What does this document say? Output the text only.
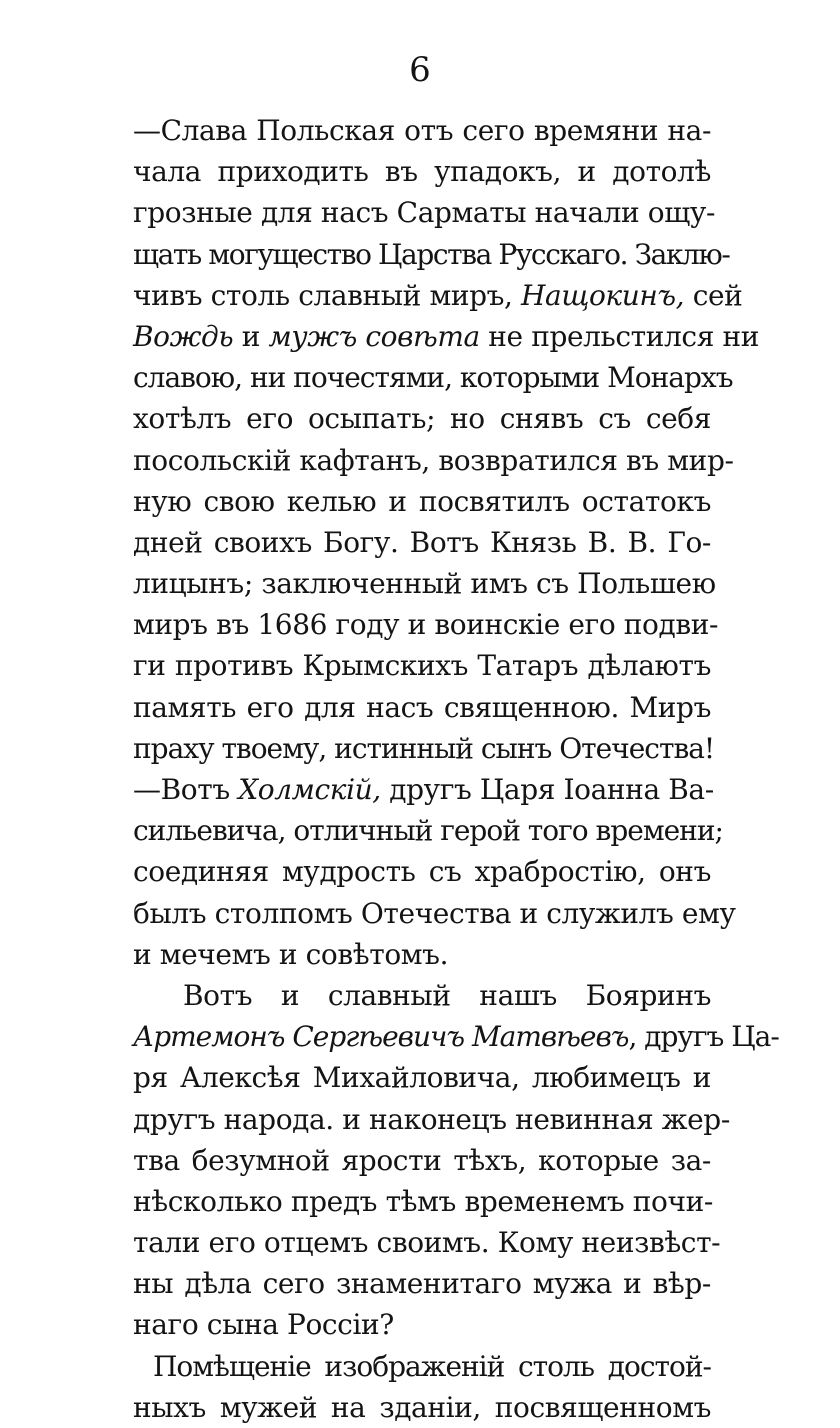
6
—Слава Польская отъ сего времяни на-
чала приходить въ упадокъ, и дотолѣ
грозные для насъ Сарматы начали ощу-
щать могущество Царства Русскаго. Заклю-
чивъ столь славный миръ, Нащокинъ, сей
Вождь и мужъ совѣта не прельстился ни
славою, ни почестями, которыми Монархъ
хотѣлъ его осыпать; но снявъ съ себя
посольскій кафтанъ, возвратился въ мир-
ную свою келью и посвятилъ остатокъ
дней своихъ Богу. Вотъ Князь В. В. Го-
лицынъ; заключенный имъ съ Польшею
миръ въ 1686 году и воинскіе его подви-
ги противъ Крымскихъ Татаръ дѣлаютъ
память его для насъ священною. Миръ
праху твоему, истинный сынъ Отечества!
—Вотъ Холмскій, другъ Царя Іоанна Ва-
сильевича, отличный герой того времени;
соединяя мудрость съ храбростію, онъ
былъ столпомъ Отечества и служилъ ему
и мечемъ и совѣтомъ.
Вотъ и славный нашъ Бояринъ
Артемонъ Сергѣевичъ Матвѣевъ, другъ Ца-
ря Алексѣя Михайловича, любимецъ и
другъ народа. и наконецъ невинная жер-
тва безумной ярости тѣхъ, которые за-
нѣсколько предъ тѣмъ временемъ почи-
тали его отцемъ своимъ. Кому неизвѣст-
ны дѣла сего знаменитаго мужа и вѣр-
наго сына Россіи?
Помѣщеніе изображеній столь достой-
ныхъ мужей на зданіи, посвященномъ
